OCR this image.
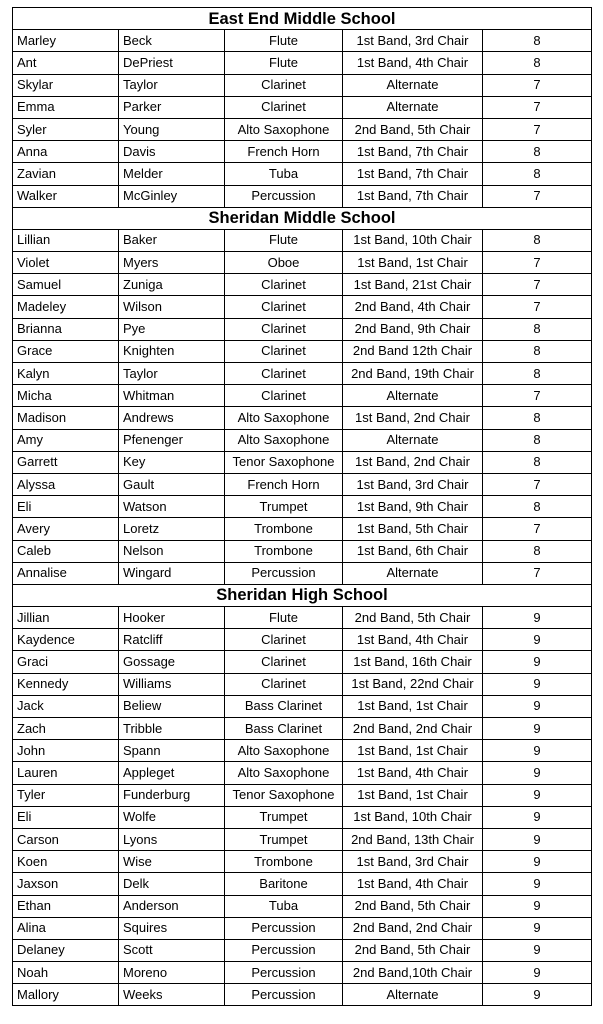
East End Middle School				
Marley	Beck	Flute	1st Band, 3rd Chair	8
Ant	DePriest	Flute	1st Band, 4th Chair	8
Skylar	Taylor	Clarinet	Alternate	7
Emma	Parker	Clarinet	Alternate	7
Syler	Young	Alto Saxophone	2nd Band, 5th Chair	7
Anna	Davis	French Horn	1st Band, 7th Chair	8
Zavian	Melder	Tuba	1st Band, 7th Chair	8
Walker	McGinley	Percussion	1st Band, 7th Chair	7
Sheridan Middle School				
Lillian	Baker	Flute	1st Band, 10th Chair	8
Violet	Myers	Oboe	1st Band, 1st Chair	7
Samuel	Zuniga	Clarinet	1st Band, 21st Chair	7
Madeley	Wilson	Clarinet	2nd Band, 4th Chair	7
Brianna	Pye	Clarinet	2nd Band, 9th Chair	8
Grace	Knighten	Clarinet	2nd Band 12th Chair	8
Kalyn	Taylor	Clarinet	2nd Band, 19th Chair	8
Micha	Whitman	Clarinet	Alternate	7
Madison	Andrews	Alto Saxophone	1st Band, 2nd Chair	8
Amy	Pfenenger	Alto Saxophone	Alternate	8
Garrett	Key	Tenor Saxophone	1st Band, 2nd Chair	8
Alyssa	Gault	French Horn	1st Band, 3rd Chair	7
Eli	Watson	Trumpet	1st Band, 9th Chair	8
Avery	Loretz	Trombone	1st Band, 5th Chair	7
Caleb	Nelson	Trombone	1st Band, 6th Chair	8
Annalise	Wingard	Percussion	Alternate	7
Sheridan High School				
Jillian	Hooker	Flute	2nd Band, 5th Chair	9
Kaydence	Ratcliff	Clarinet	1st Band, 4th Chair	9
Graci	Gossage	Clarinet	1st Band, 16th Chair	9
Kennedy	Williams	Clarinet	1st Band, 22nd Chair	9
Jack	Beliew	Bass Clarinet	1st Band, 1st Chair	9
Zach	Tribble	Bass Clarinet	2nd Band, 2nd Chair	9
John	Spann	Alto Saxophone	1st Band, 1st Chair	9
Lauren	Appleget	Alto Saxophone	1st Band, 4th Chair	9
Tyler	Funderburg	Tenor Saxophone	1st Band, 1st Chair	9
Eli	Wolfe	Trumpet	1st Band, 10th Chair	9
Carson	Lyons	Trumpet	2nd Band, 13th Chair	9
Koen	Wise	Trombone	1st Band, 3rd Chair	9
Jaxson	Delk	Baritone	1st Band, 4th Chair	9
Ethan	Anderson	Tuba	2nd Band, 5th Chair	9
Alina	Squires	Percussion	2nd Band, 2nd Chair	9
Delaney	Scott	Percussion	2nd Band, 5th Chair	9
Noah	Moreno	Percussion	2nd Band,10th Chair	9
Mallory	Weeks	Percussion	Alternate	9
